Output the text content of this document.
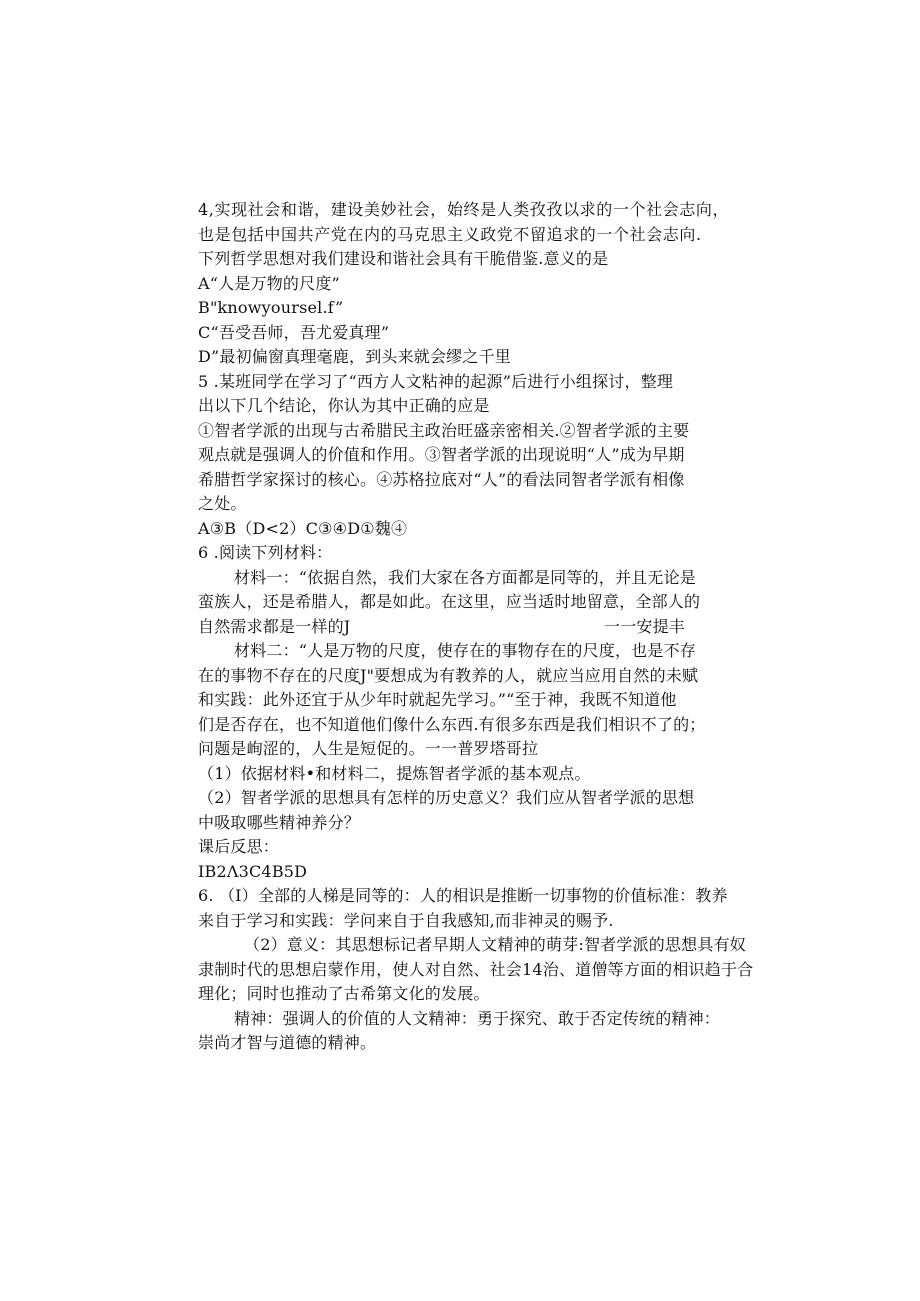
4,实现社会和谐，建设美妙社会，始终是人类孜孜以求的一个社会志向，
也是包括中国共产党在内的马克思主义政党不留追求的一个社会志向.
下列哲学思想对我们建设和谐社会具有干脆借鉴.意义的是
A“人是万物的尺度”
B"knowyoursel.f”
C“吾受吾师，吾尤爱真理”
D”最初偏窗真理毫鹿，到头来就会缪之千里
5 .某班同学在学习了“西方人文粘神的起源”后进行小组探讨，整理
出以下几个结论，你认为其中正确的应是
①智者学派的出现与古希腊民主政治旺盛亲密相关.②智者学派的主要
观点就是强调人的价值和作用。③智者学派的出现说明“人”成为早期
希腊哲学家探讨的核心。④苏格拉底对“人”的看法同智者学派有相像
之处。
A③B（D<2）C③④D①魏④
6 .阅读下列材料：
材料一：“依据自然，我们大家在各方面都是同等的，并且无论是
蛮族人，还是希腊人，都是如此。在这里，应当适时地留意，全部人的
自然需求都是一样的J	一一安提丰
材料二：“人是万物的尺度，使存在的事物存在的尺度，也是不存
在的事物不存在的尺度J"要想成为有教养的人，就应当应用自然的未赋
和实践：此外还宜于从少年时就起先学习。”“至于神，我既不知道他
们是否存在，也不知道他们像什么东西.有很多东西是我们相识不了的；
问题是峋涩的，人生是短促的。一一普罗塔哥拉
（1）依据材料•和材料二，提炼智者学派的基本观点。
（2）智者学派的思想具有怎样的历史意义？我们应从智者学派的思想
中吸取哪些精神养分？
课后反思：
IB2Λ3C4B5D
6. （I）全部的人梯是同等的：人的相识是推断一切事物的价值标准：教养
来自于学习和实践：学问来自于自我感知,而非神灵的赐予.
（2）意义：其思想标记者早期人文精神的萌芽:智者学派的思想具有奴
隶制时代的思想启蒙作用，使人对自然、社会14治、道僧等方面的相识趋于合
理化；同时也推动了古希第文化的发展。
精神：强调人的价值的人文精神：勇于探究、敢于否定传统的精神：
崇尚才智与道德的精神。
